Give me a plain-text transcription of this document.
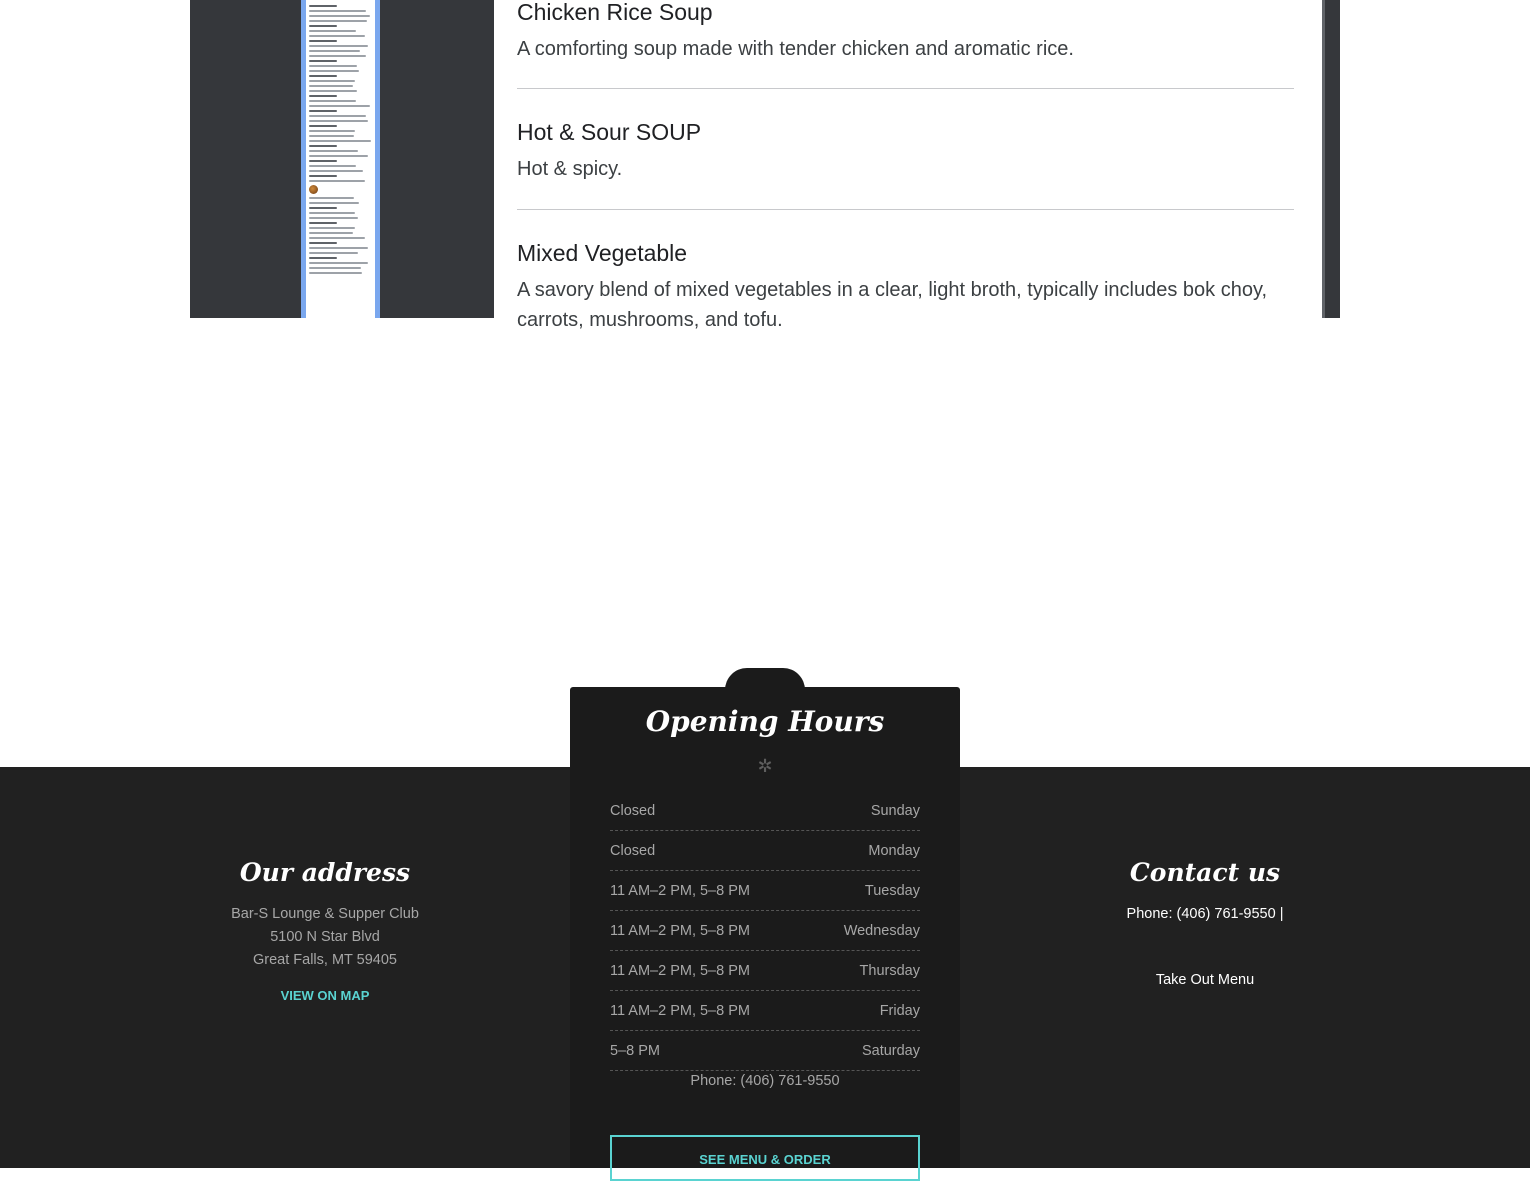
Chicken Rice Soup

A comforting soup made with tender chicken and aromatic rice.

Hot & Sour SOUP

Hot & spicy.

Mixed Vegetable

A savory blend of mixed vegetables in a clear, light broth, typically includes bok choy, carrots, mushrooms, and tofu.

Opening Hours
✲
Closed	Sunday
Closed	Monday
11 AM–2 PM, 5–8 PM	Tuesday
11 AM–2 PM, 5–8 PM	Wednesday
11 AM–2 PM, 5–8 PM	Thursday
11 AM–2 PM, 5–8 PM	Friday
5–8 PM	Saturday
Phone: (406) 761-9550
SEE MENU & ORDER
Our address
Bar-S Lounge & Supper Club
5100 N Star Blvd
Great Falls, MT 59405
VIEW ON MAP
Contact us
Phone: (406) 761-9550 |
Take Out Menu
